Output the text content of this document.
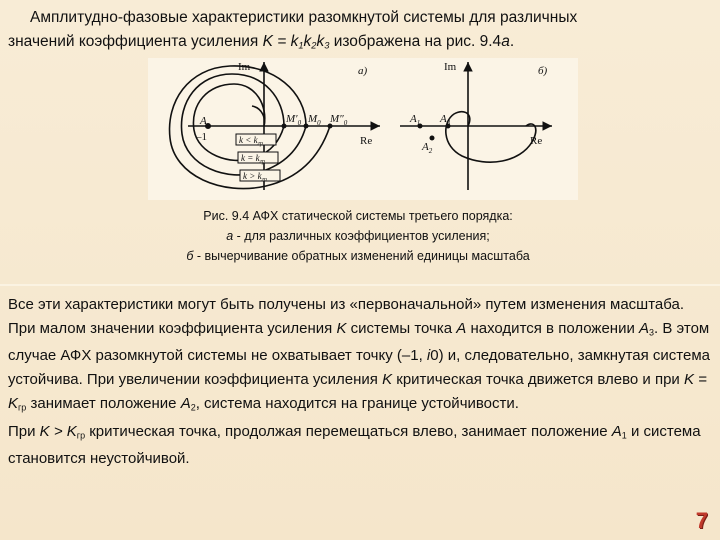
Амплитудно-фазовые характеристики разомкнутой системы для различных
значений коэффициента усиления $K = k_1k_2k_3$ изображена на рис. 9.4а.
Im
Re
а)
A
–1
$M'_0$ $M_0$ $M''_0$
$k < k_{гр}$
$k = k_{гр}$
$k > k_{гр}$
Im
Re
б)
$A_1$
$A_2$
$A_3$
Рис. 9.4 АФХ статической системы третьего порядка:
а - для различных коэффициентов усиления;
б - вычерчивание обратных изменений единицы масштаба

Все эти характеристики могут быть получены из «первоначальной» путем изменения масштаба.

При малом значении коэффициента усиления K системы точка A находится в положении $A_3$. В этом случае АФХ разомкнутой системы не охватывает точку (–1, i0) и, следовательно, замкнутая система устойчива. При увеличении коэффициента усиления K критическая точка движется влево и при $K = K_{гр}$ занимает положение $A_2$, система находится на границе устойчивости.

При $K > K_{гр}$ критическая точка, продолжая перемещаться влево, занимает положение $A_1$ и система становится неустойчивой.

7
